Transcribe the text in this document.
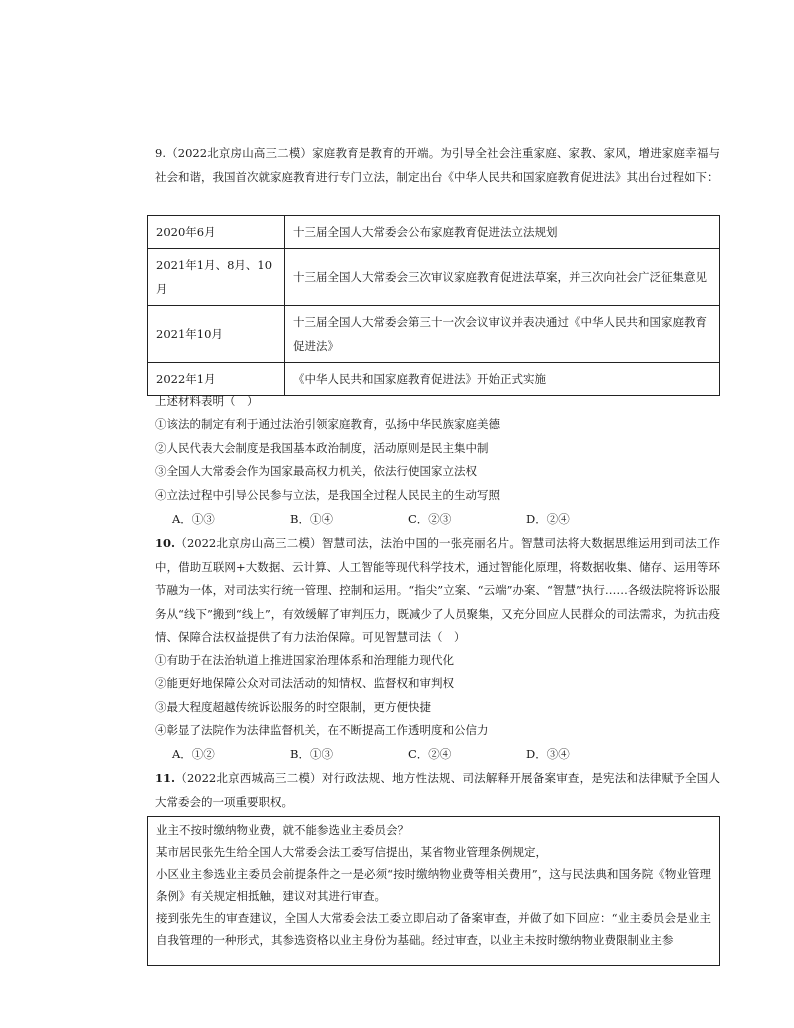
9.（2022北京房山高三二模）家庭教育是教育的开端。为引导全社会注重家庭、家教、家风，增进家庭幸福与社会和谐，我国首次就家庭教育进行专门立法，制定出台《中华人民共和国家庭教育促进法》其出台过程如下：

2020年6月	十三届全国人大常委会公布家庭教育促进法立法规划
2021年1月、8月、10月	十三届全国人大常委会三次审议家庭教育促进法草案，并三次向社会广泛征集意见
2021年10月	十三届全国人大常委会第三十一次会议审议并表决通过《中华人民共和国家庭教育促进法》
2022年1月	《中华人民共和国家庭教育促进法》开始正式实施

上述材料表明（　）

①该法的制定有利于通过法治引领家庭教育，弘扬中华民族家庭美德

②人民代表大会制度是我国基本政治制度，活动原则是民主集中制

③全国人大常委会作为国家最高权力机关，依法行使国家立法权

④立法过程中引导公民参与立法，是我国全过程人民民主的生动写照

A．①③	B．①④	C．②③	D．②④

10.（2022北京房山高三二模）智慧司法，法治中国的一张亮丽名片。智慧司法将大数据思维运用到司法工作中，借助互联网+大数据、云计算、人工智能等现代科学技术，通过智能化原理，将数据收集、储存、运用等环节融为一体，对司法实行统一管理、控制和运用。“指尖”立案、“云端”办案、“智慧”执行……各级法院将诉讼服务从“线下”搬到“线上”，有效缓解了审判压力，既减少了人员聚集，又充分回应人民群众的司法需求，为抗击疫情、保障合法权益提供了有力法治保障。可见智慧司法（　）

①有助于在法治轨道上推进国家治理体系和治理能力现代化

②能更好地保障公众对司法活动的知情权、监督权和审判权

③最大程度超越传统诉讼服务的时空限制，更方便快捷

④彰显了法院作为法律监督机关，在不断提高工作透明度和公信力

A．①②	B．①③	C．②④	D．③④

11.（2022北京西城高三二模）对行政法规、地方性法规、司法解释开展备案审查，是宪法和法律赋予全国人大常委会的一项重要职权。

业主不按时缴纳物业费，就不能参选业主委员会？

某市居民张先生给全国人大常委会法工委写信提出，某省物业管理条例规定，

小区业主参选业主委员会前提条件之一是必须“按时缴纳物业费等相关费用”，这与民法典和国务院《物业管理条例》有关规定相抵触，建议对其进行审查。

接到张先生的审查建议，全国人大常委会法工委立即启动了备案审查，并做了如下回应：“业主委员会是业主自我管理的一种形式，其参选资格以业主身份为基础。经过审查，以业主未按时缴纳物业费限制业主参
